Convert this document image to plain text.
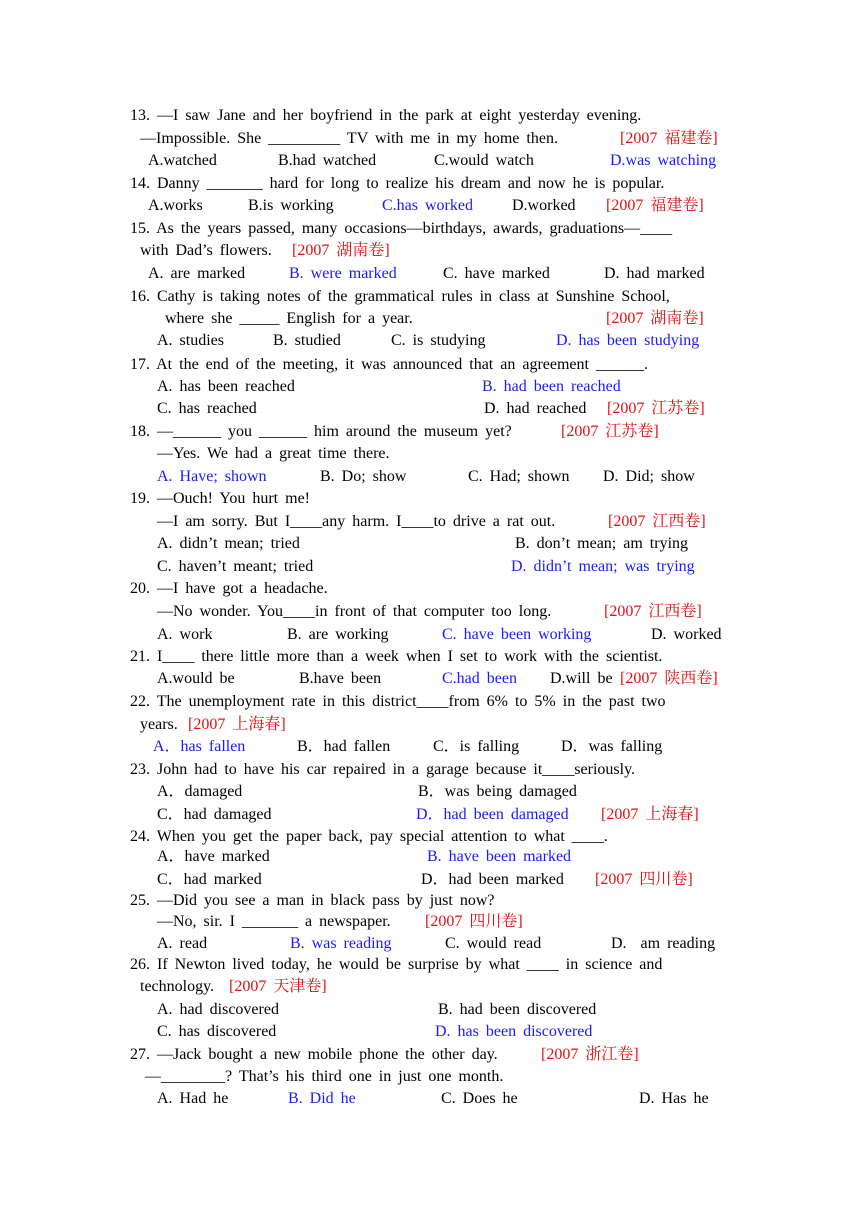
13. —I saw Jane and her boyfriend in the park at eight yesterday evening.
—Impossible. She _________ TV with me in my home then.	[2007 福建卷]
A.watched	B.had watched	C.would watch	D.was watching
14. Danny _______ hard for long to realize his dream and now he is popular.
A.works	B.is working	C.has worked D.worked [2007 福建卷]
15. As the years passed, many occasions—birthdays, awards, graduations—____
with Dad’s flowers. [2007 湖南卷]
A. are marked	B. were marked	C. have marked	D. had marked
16. Cathy is taking notes of the grammatical rules in class at Sunshine School,
where she _____ English for a year.	[2007 湖南卷]
A. studies	B. studied	C. is studying	D. has been studying
17. At the end of the meeting, it was announced that an agreement ______.
A. has been reached	B. had been reached
C. has reached	D. had reached [2007 江苏卷]
18. —______ you ______ him around the museum yet?	[2007 江苏卷]
—Yes. We had a great time there.
A. Have; shown	B. Do; show	C. Had; shown D. Did; show
19. —Ouch! You hurt me!
—I am sorry. But I____any harm. I____to drive a rat out.	[2007 江西卷]
A. didn’t mean; tried	B. don’t mean; am trying
C. haven’t meant; tried	D. didn’t mean; was trying
20. —I have got a headache.
—No wonder. You____in front of that computer too long.	[2007 江西卷]
A. work	B. are working	C. have been working	D. worked
21. I____ there little more than a week when I set to work with the scientist.
A.would be	B.have been	C.had been D.will be [2007 陕西卷]
22. The unemployment rate in this district____from 6% to 5% in the past two
years. [2007 上海春]
A．has fallen	B．had fallen	C．is falling	D．was falling
23. John had to have his car repaired in a garage because it____seriously.
A．damaged	B．was being damaged
C．had damaged	D．had been damaged [2007 上海春]
24. When you get the paper back, pay special attention to what ____.
A．have marked	B. have been marked
C．had marked	D．had been marked [2007 四川卷]
25. —Did you see a man in black pass by just now?
—No, sir. I _______ a newspaper. [2007 四川卷]
A. read	B. was reading	C. would read	D.  am reading
26. If Newton lived today, he would be surprise by what ____ in science and
technology. [2007 天津卷]
A. had discovered	B. had been discovered
C. has discovered	D. has been discovered
27. —Jack bought a new mobile phone the other day.	[2007 浙江卷]
—________? That’s his third one in just one month.
A. Had he	B. Did he	C. Does he	D. Has he
